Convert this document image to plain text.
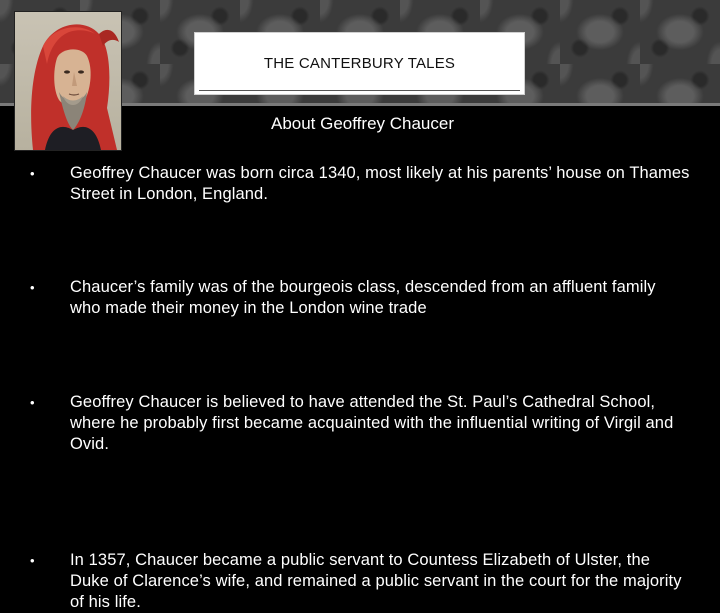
THE CANTERBURY TALES
About Geoffrey Chaucer
• Geoffrey Chaucer was born circa 1340, most likely at his parents’ house on Thames Street in London, England.
• Chaucer’s family was of the bourgeois class, descended from an affluent family who made their money in the London wine trade
• Geoffrey Chaucer is believed to have attended the St. Paul’s Cathedral School, where he probably first became acquainted with the influential writing of Virgil and Ovid.
• In 1357, Chaucer became a public servant to Countess Elizabeth of Ulster, the Duke of Clarence’s wife, and remained a public servant in the court for the majority of his life.
